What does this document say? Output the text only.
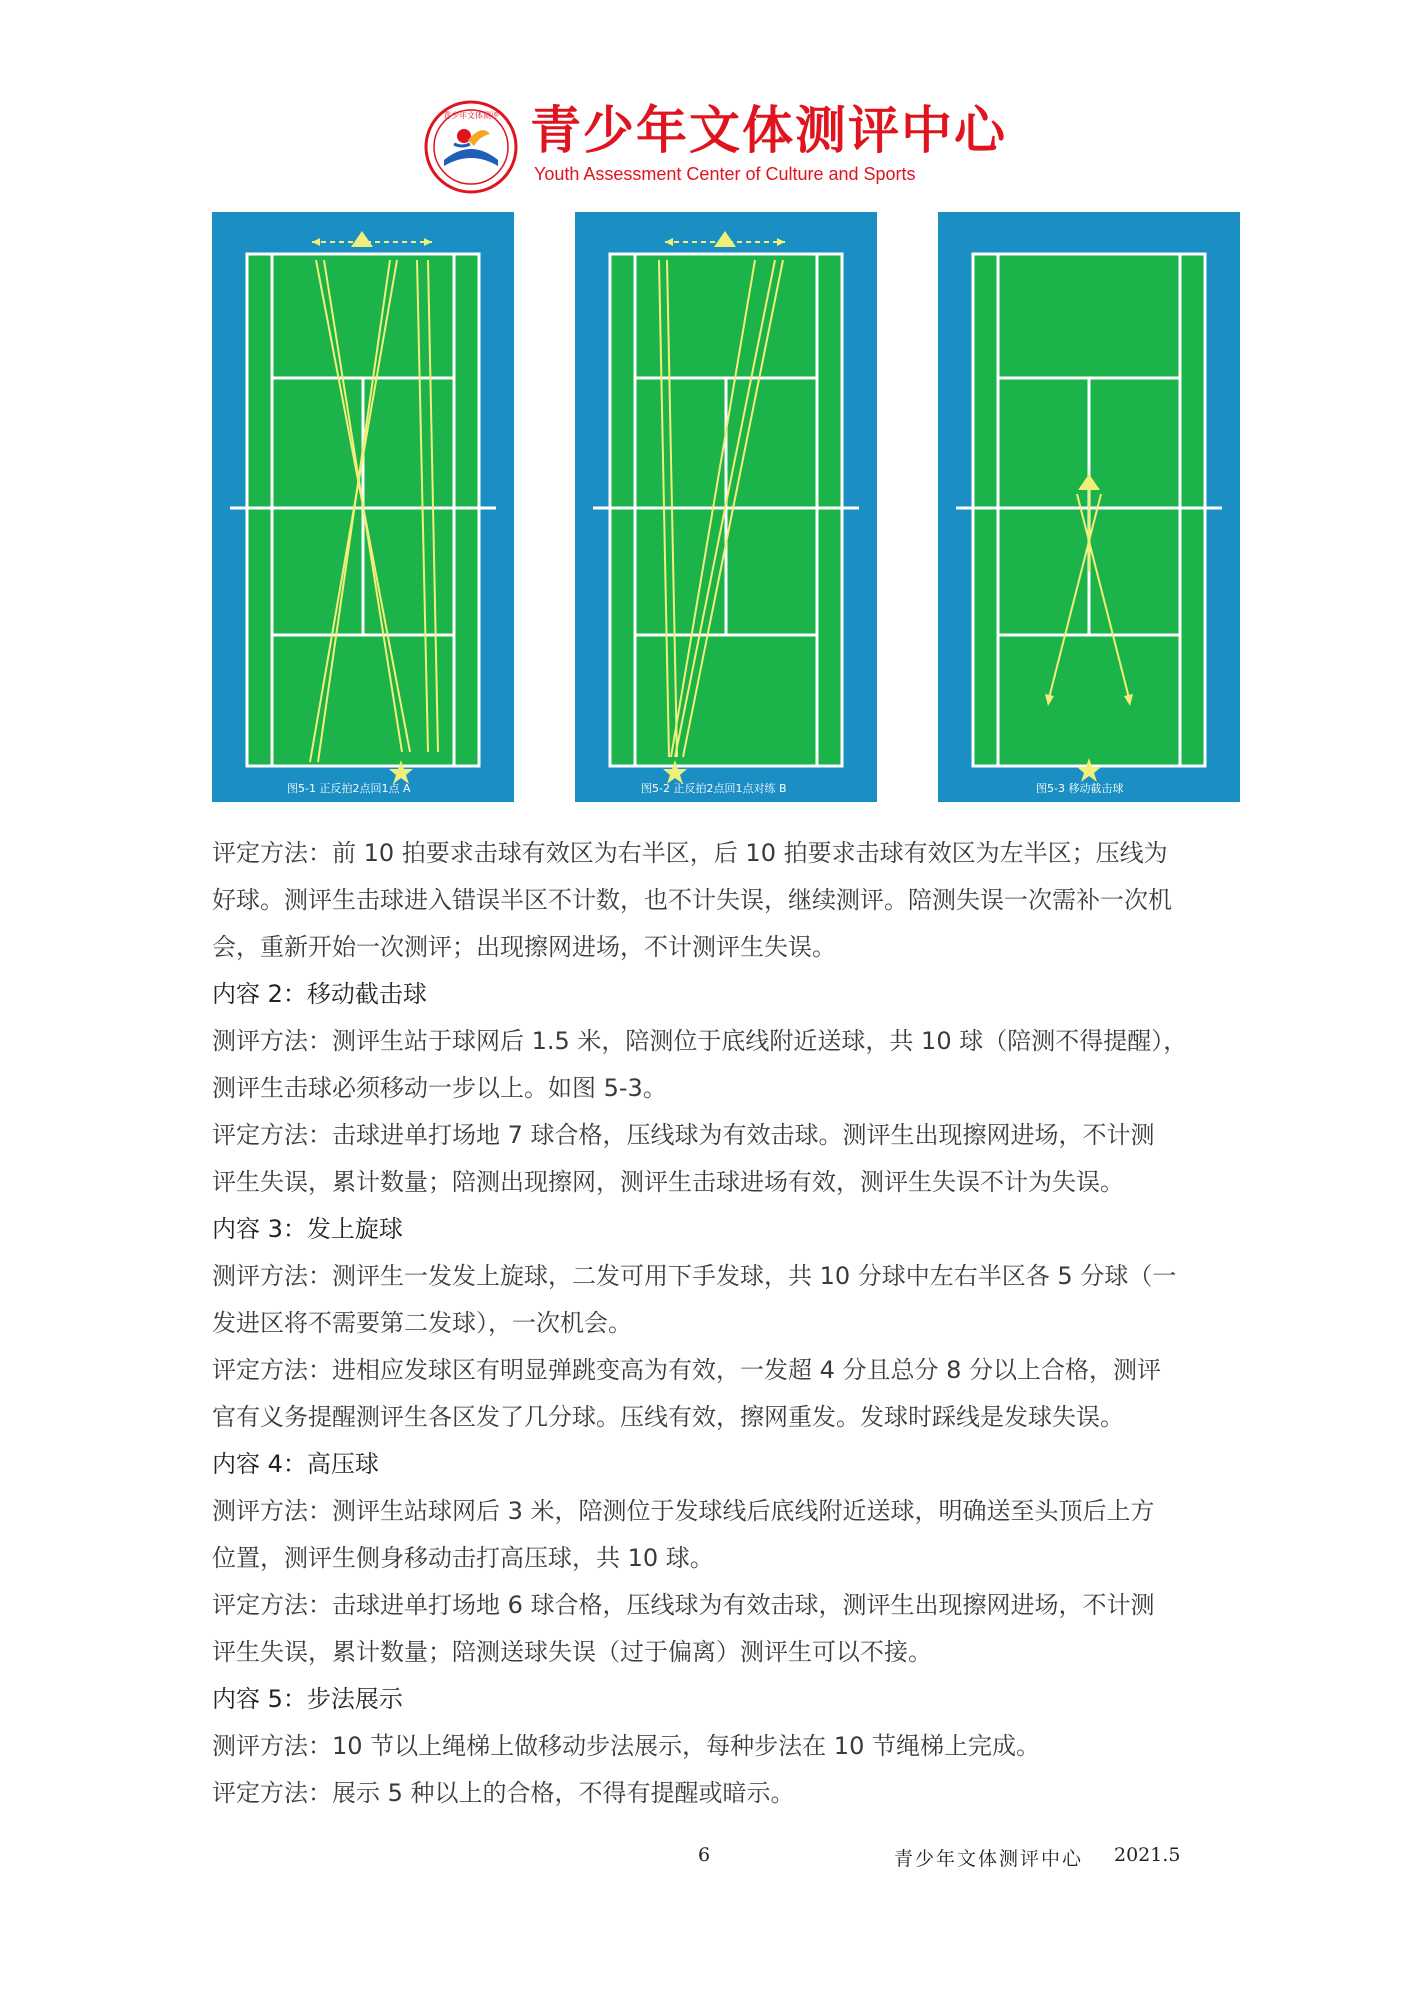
青少年文体测评 青少年文体测评中心
Youth Assessment Center of Culture and Sports
图5-1 正反拍2点回1点 A	图5-2 正反拍2点回1点对练 B	图5-3 移动截击球

评定方法：前 10 拍要求击球有效区为右半区，后 10 拍要求击球有效区为左半区；压线为

好球。测评生击球进入错误半区不计数，也不计失误，继续测评。陪测失误一次需补一次机

会，重新开始一次测评；出现擦网进场，不计测评生失误。

内容 2：移动截击球

测评方法：测评生站于球网后 1.5 米，陪测位于底线附近送球，共 10 球（陪测不得提醒），

测评生击球必须移动一步以上。如图 5-3。

评定方法：击球进单打场地 7 球合格，压线球为有效击球。测评生出现擦网进场，不计测

评生失误，累计数量；陪测出现擦网，测评生击球进场有效，测评生失误不计为失误。

内容 3：发上旋球

测评方法：测评生一发发上旋球，二发可用下手发球，共 10 分球中左右半区各 5 分球（一

发进区将不需要第二发球），一次机会。

评定方法：进相应发球区有明显弹跳变高为有效，一发超 4 分且总分 8 分以上合格，测评

官有义务提醒测评生各区发了几分球。压线有效，擦网重发。发球时踩线是发球失误。

内容 4：高压球

测评方法：测评生站球网后 3 米，陪测位于发球线后底线附近送球，明确送至头顶后上方

位置，测评生侧身移动击打高压球，共 10 球。

评定方法：击球进单打场地 6 球合格，压线球为有效击球，测评生出现擦网进场，不计测

评生失误，累计数量；陪测送球失误（过于偏离）测评生可以不接。

内容 5：步法展示

测评方法：10 节以上绳梯上做移动步法展示，每种步法在 10 节绳梯上完成。

评定方法：展示 5 种以上的合格，不得有提醒或暗示。

6	青少年文体测评中心 2021.5
